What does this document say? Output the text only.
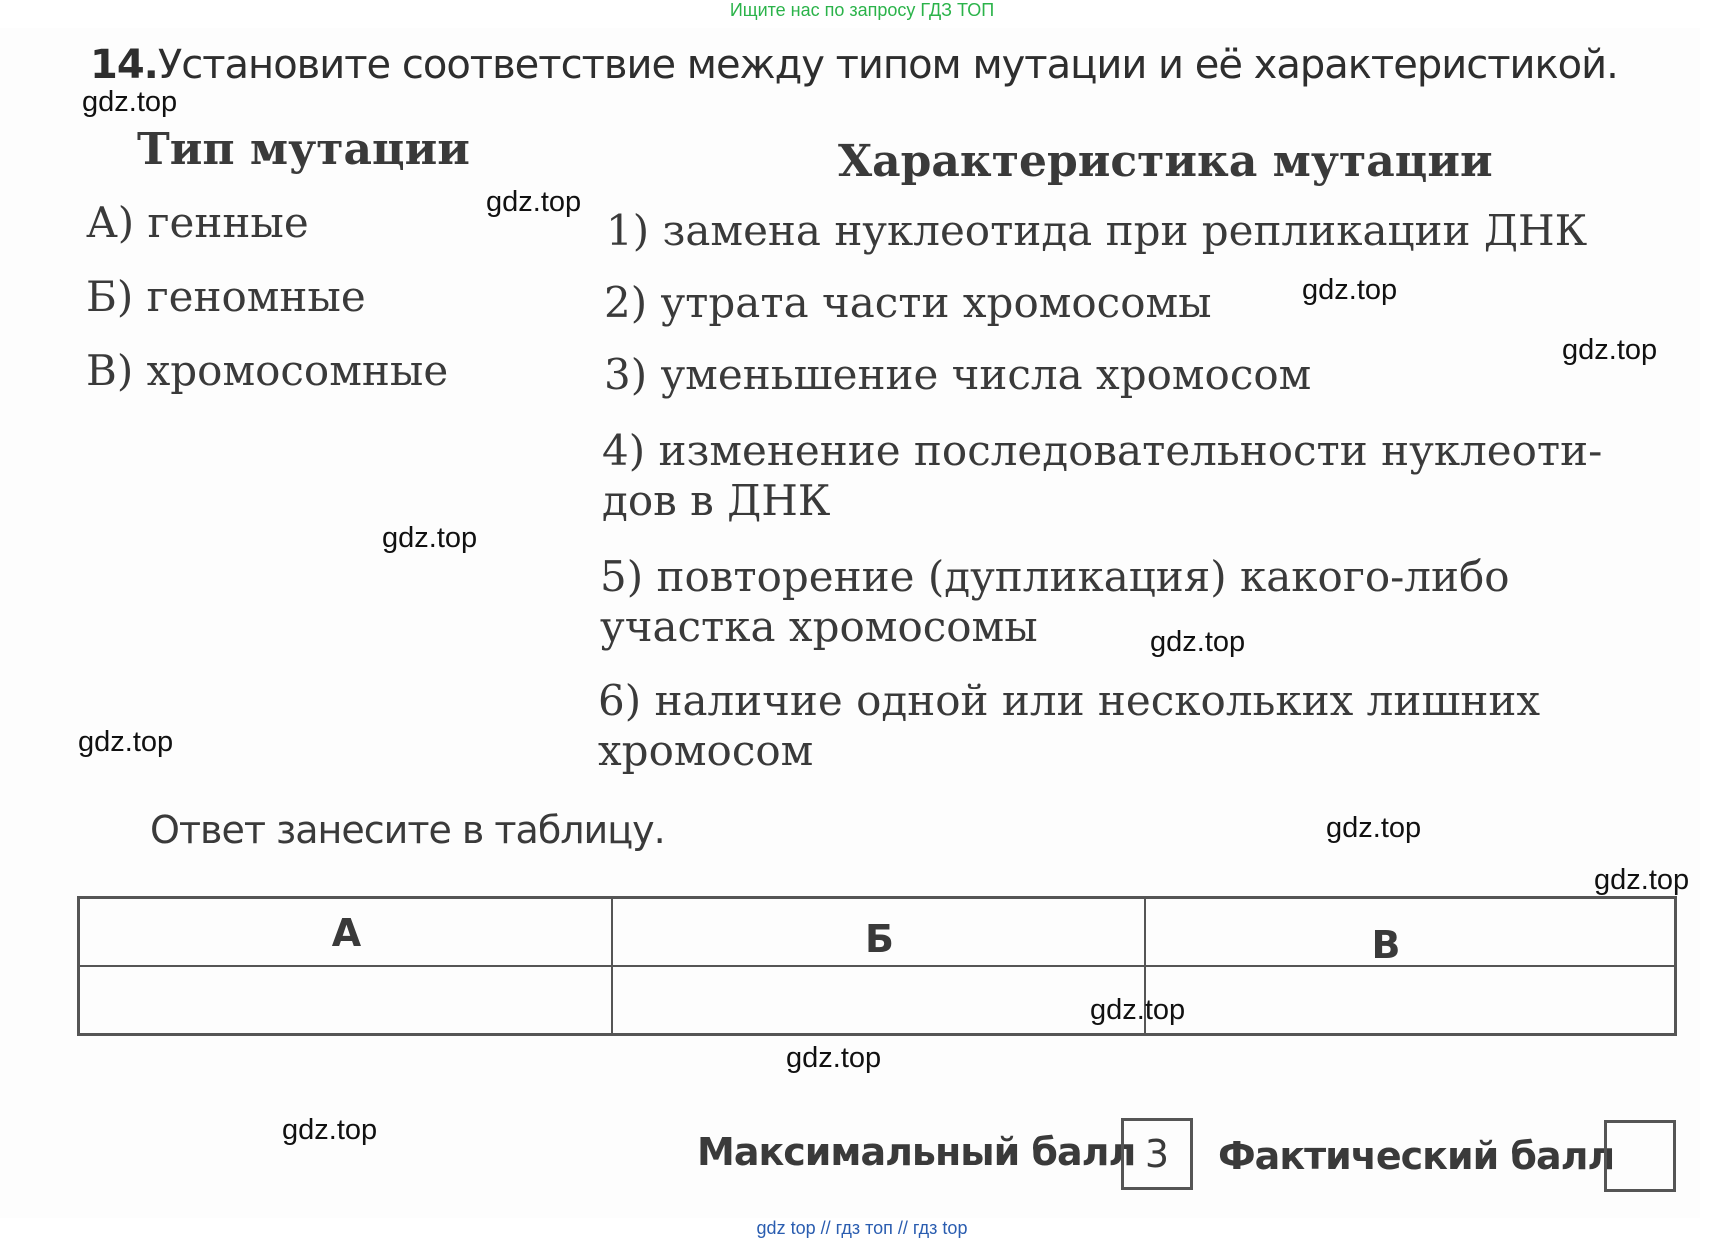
Ищите нас по запросу ГДЗ ТОП
14.Установите соответствие между типом мутации и её характеристикой.
Тип мутации	Характеристика мутации
А) генные
Б) геномные
В) хромосомные
1) замена нуклеотида при репликации ДНК
2) утрата части хромосомы
3) уменьшение числа хромосом
4) изменение последовательности нуклеоти-
дов в ДНК
5) повторение (дупликация) какого-либо
участка хромосомы
6) наличие одной или нескольких лишних
хромосом
Ответ занесите в таблицу.
А	Б	В
Максимальный балл 3	Фактический балл
gdz.top
gdz.top
gdz.top
gdz.top
gdz.top
gdz.top
gdz.top
gdz.top
gdz.top
gdz.top
gdz.top
gdz.top
gdz top // гдз топ // гдз top
